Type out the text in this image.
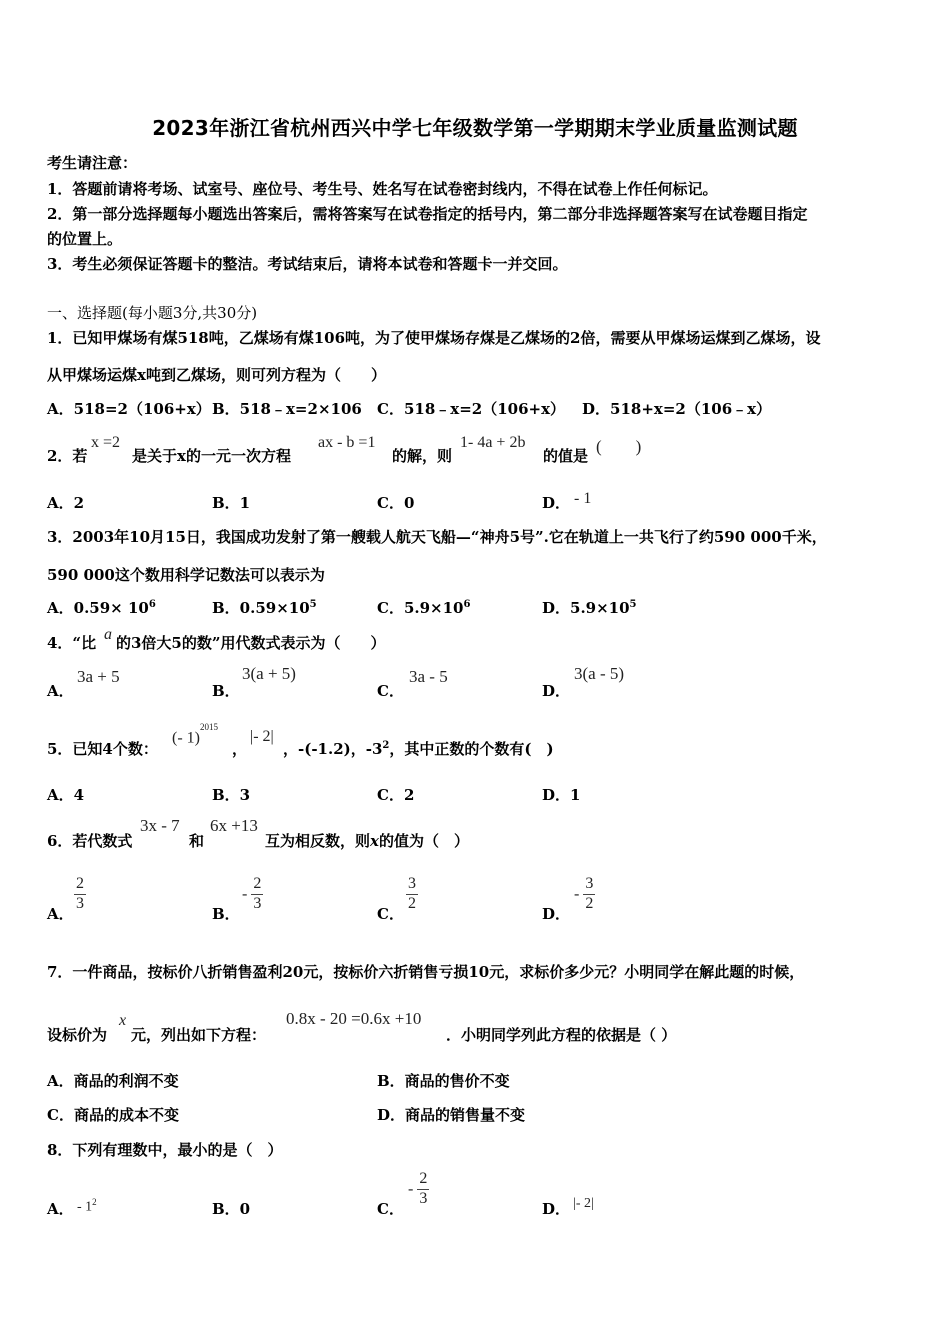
2023年浙江省杭州西兴中学七年级数学第一学期期末学业质量监测试题
考生请注意：
1．答题前请将考场、试室号、座位号、考生号、姓名写在试卷密封线内，不得在试卷上作任何标记。
2．第一部分选择题每小题选出答案后，需将答案写在试卷指定的括号内，第二部分非选择题答案写在试卷题目指定
的位置上。
3．考生必须保证答题卡的整洁。考试结束后，请将本试卷和答题卡一并交回。
一、选择题(每小题3分,共30分)
1．已知甲煤场有煤518吨，乙煤场有煤106吨，为了使甲煤场存煤是乙煤场的2倍，需要从甲煤场运煤到乙煤场，设
从甲煤场运煤x吨到乙煤场，则可列方程为（　　）
A．518=2（106+x） B．518﹣x=2×106 C．518﹣x=2（106+x） D．518+x=2（106﹣x）
2．若
x =2
是关于x的一元一次方程
ax - b =1
的解，则
1- 4a + 2b
的值是 (　　)
A．2	B．1	C．0	D． - 1
3．2003年10月15日，我国成功发射了第一艘载人航天飞船—“神舟5号”.它在轨道上一共飞行了约590 000千米，
590 000这个数用科学记数法可以表示为
A．$0.59\times 10^6$	B．$0.59\times 10^5$	C．$5.9\times 10^6$	D．$5.9\times 10^5$
4．“比 a 的3倍大5的数”用代数式表示为（　　）
A．
3a + 5
B．
3(a + 5)
C．
3a - 5
D．
3(a - 5)
5．已知4个数：
(- 1)$^{2015}$
，
|- 2|
，-(-1.2)，$-3^2$，其中正数的个数有(　)
A．4	B．3	C．2	D．1
6．若代数式
3x - 7
和
6x +13
互为相反数，则x的值为（　）
A．
$\frac{2}{3}$
B．
- $\frac{2}{3}$
C．
$\frac{3}{2}$
D．
- $\frac{3}{2}$
7．一件商品，按标价八折销售盈利20元，按标价六折销售亏损10元，求标价多少元？小明同学在解此题的时候，
设标价为
x
元，列出如下方程：
0.8x - 20 =0.6x +10
．小明同学列此方程的依据是（ ）
A．商品的利润不变	B．商品的售价不变
C．商品的成本不变	D．商品的销售量不变
8．下列有理数中，最小的是（　）
A． - $1^2$	B．0	C．
- $\frac{2}{3}$
D． |- 2|
